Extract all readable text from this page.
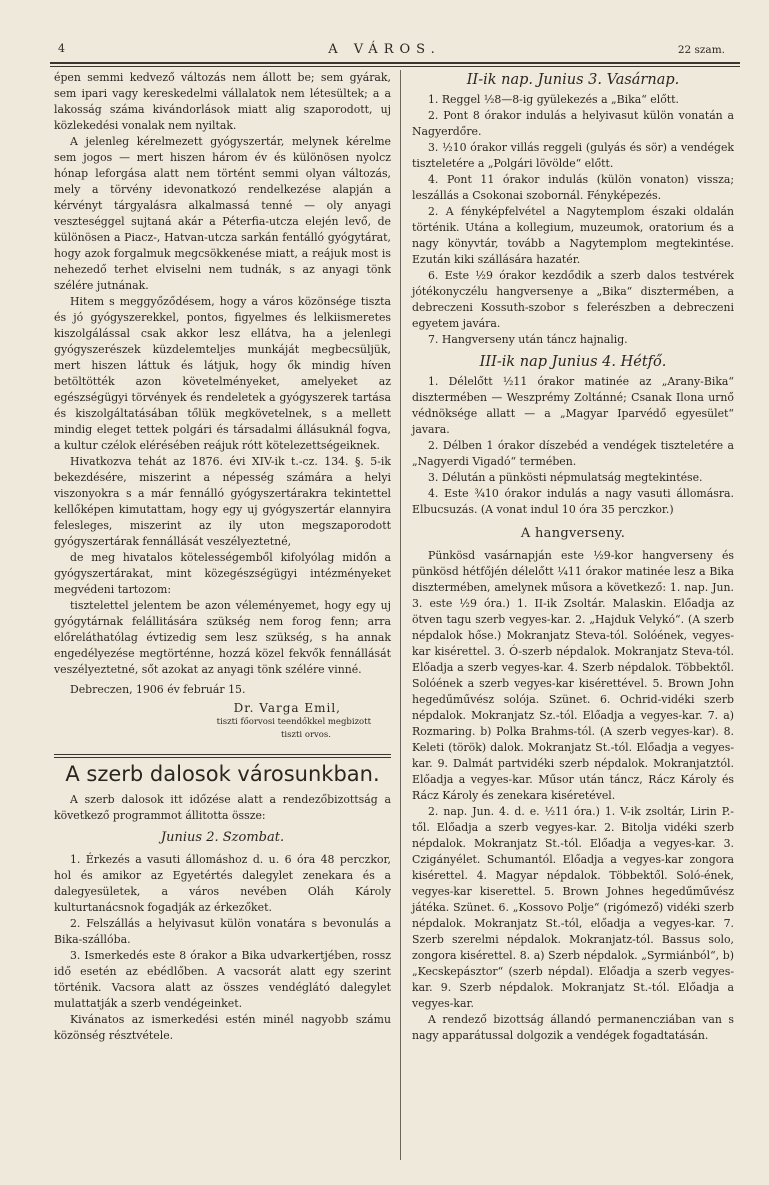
4	A VÁROS.	22 szam.

épen semmi kedvező változás nem állott be; sem gyárak, sem ipari vagy kereskedelmi vállalatok nem létesültek; a a lakosság száma kivándorlások miatt alig szaporodott, uj közlekedési vonalak nem nyiltak.

A jelenleg kérelmezett gyógyszertár, melynek kérelme sem jogos — mert hiszen három év és különösen nyolcz hónap leforgása alatt nem történt semmi olyan változás, mely a törvény idevonatkozó rendelkezése alapján a kérvényt tárgyalásra alkalmassá tenné — oly anyagi veszteséggel sujtaná akár a Péterfia-utcza elején levő, de különösen a Piacz-, Hatvan-utcza sarkán fentálló gyógytárat, hogy azok forgalmuk megcsökkenése miatt, a reájuk most is nehezedő terhet elviselni nem tudnák, s az anyagi tönk szélére jutnának.

Hitem s meggyőződésem, hogy a város közönsége tiszta és jó gyógyszerekkel, pontos, figyelmes és lelkiismeretes kiszolgálással csak akkor lesz ellátva, ha a jelenlegi gyógyszerészek küzdelemteljes munkáját megbecsüljük, mert hiszen láttuk és látjuk, hogy ők mindig híven betöltötték azon követelményeket, amelyeket az egészségügyi törvények és rendeletek a gyógyszerek tartása és kiszolgáltatásában tőlük megkövetelnek, s a mellett mindig eleget tettek polgári és társadalmi állásuknál fogva, a kultur czélok elérésében reájuk rótt kötelezettségeiknek.

Hivatkozva tehát az 1876. évi XIV-ik t.-cz. 134. §. 5-ik bekezdésére, miszerint a népesség számára a helyi viszonyokra s a már fennálló gyógyszertárakra tekintettel kellőképen kimutattam, hogy egy uj gyógyszertár elannyira felesleges, miszerint az ily uton megszaporodott gyógyszertárak fennállását veszélyeztetné,

de meg hivatalos kötelességemből kifolyólag midőn a gyógyszertárakat, mint közegészségügyi intézményeket megvédeni tartozom:

tisztelettel jelentem be azon véleményemet, hogy egy uj gyógytárnak felállitására szükség nem forog fenn; arra előreláthatólag évtizedig sem lesz szükség, s ha annak engedélyezése megtörténne, hozzá közel fekvők fennállását veszélyeztetné, sőt azokat az anyagi tönk szélére vinné.

Debreczen, 1906 év február 15.

Dr. Varga Emil,

tiszti főorvosi teendőkkel megbizott

tiszti orvos.

A szerb dalosok városunkban.

A szerb dalosok itt időzése alatt a rendezőbizottság a következő programmot állitotta össze:

Junius 2. Szombat.

1. Érkezés a vasuti állomáshoz d. u. 6 óra 48 perczkor, hol és amikor az Egyetértés dalegylet zenekara és a dalegyesületek, a város nevében Oláh Károly kulturtanácsnok fogadják az érkezőket.

2. Felszállás a helyivasut külön vonatára s bevonulás a Bika-szállóba.

3. Ismerkedés este 8 órakor a Bika udvarkertjében, rossz idő esetén az ebédlőben. A vacsorát alatt egy szerint történik. Vacsora alatt az összes vendéglátó dalegylet mulattatják a szerb vendégeinket.

Kivánatos az ismerkedési estén minél nagyobb számu közönség résztvétele.

II-ik nap. Junius 3. Vasárnap.

1. Reggel ½8—8-ig gyülekezés a „Bika“ előtt.

2. Pont 8 órakor indulás a helyivasut külön vonatán a Nagyerdőre.

3. ½10 órakor villás reggeli (gulyás és sör) a vendégek tiszteletére a „Polgári lövölde“ előtt.

4. Pont 11 órakor indulás (külön vonaton) vissza; leszállás a Csokonai szobornál. Fényképezés.

2. A fényképfelvétel a Nagytemplom északi oldalán történik. Utána a kollegium, muzeumok, oratorium és a nagy könyvtár, tovább a Nagytemplom megtekintése. Ezután kiki szállására hazatér.

6. Este ½9 órakor kezdődik a szerb dalos testvérek jótékonyczélu hangversenye a „Bika“ disztermében, a debreczeni Kossuth-szobor s felerészben a debreczeni egyetem javára.

7. Hangverseny után táncz hajnalig.

III-ik nap Junius 4. Hétfő.

1. Délelőtt ½11 órakor matinée az „Arany-Bika“ disztermében — Weszprémy Zoltánné; Csanak Ilona urnő védnöksége allatt — a „Magyar Iparvédő egyesület“ javara.

2. Délben 1 órakor díszebéd a vendégek tiszteletére a „Nagyerdi Vigadó“ termében.

3. Délután a pünkösti népmulatság megtekintése.

4. Este ¾10 órakor indulás a nagy vasuti állomásra. Elbucsuzás. (A vonat indul 10 óra 35 perczkor.)

A hangverseny.

Pünkösd vasárnapján este ½9-kor hangverseny és pünkösd hétfőjén délelőtt ¼11 órakor matinée lesz a Bika disztermében, amelynek műsora a következő: 1. nap. Jun. 3. este ½9 óra.) 1. II-ik Zsoltár. Malaskin. Előadja az ötven tagu szerb vegyes-kar. 2. „Hajduk Velykó“. (A szerb népdalok hőse.) Mokranjatz Steva-tól. Solóének, vegyes-kar kisérettel. 3. Ó-szerb népdalok. Mokranjatz Steva-tól. Előadja a szerb vegyes-kar. 4. Szerb népdalok. Többektől. Solóének a szerb vegyes-kar kisérettével. 5. Brown John hegedűművész solója. Szünet. 6. Ochrid-vidéki szerb népdalok. Mokranjatz Sz.-tól. Előadja a vegyes-kar. 7. a) Rozmaring. b) Polka Brahms-tól. (A szerb vegyes-kar). 8. Keleti (török) dalok. Mokranjatz St.-tól. Előadja a vegyes-kar. 9. Dalmát partvidéki szerb népdalok. Mokranjatztól. Előadja a vegyes-kar. Műsor után táncz, Rácz Károly és Rácz Károly és zenekara kiséretével.

2. nap. Jun. 4. d. e. ½11 óra.) 1. V-ik zsoltár, Lirin P.-től. Előadja a szerb vegyes-kar. 2. Bitolja vidéki szerb népdalok. Mokranjatz St.-tól. Előadja a vegyes-kar. 3. Czigányélet. Schumantól. Előadja a vegyes-kar zongora kisérettel. 4. Magyar népdalok. Többektől. Soló-ének, vegyes-kar kiserettel. 5. Brown Johnes hegedűművész játéka. Szünet. 6. „Kossovo Polje“ (rigómező) vidéki szerb népdalok. Mokranjatz St.-tól, előadja a vegyes-kar. 7. Szerb szerelmi népdalok. Mokranjatz-tól. Bassus solo, zongora kisérettel. 8. a) Szerb népdalok. „Syrmiánból“, b) „Kecskepásztor“ (szerb népdal). Előadja a szerb vegyes-kar. 9. Szerb népdalok. Mokranjatz St.-tól. Előadja a vegyes-kar.

A rendező bizottság állandó permanencziában van s nagy apparátussal dolgozik a vendégek fogadtatásán.
